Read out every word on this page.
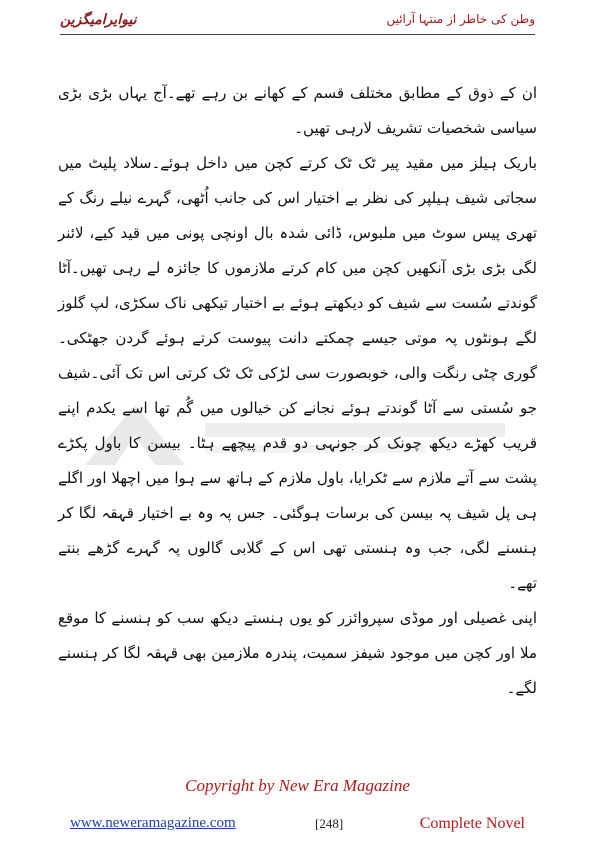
نیوایرامیگزین	وطن کی خاطر از منتہا آرائیں

ان کے ذوق کے مطابق مختلف قسم کے کھانے بن رہے تھے۔آج یہاں بڑی بڑی سیاسی شخصیات تشریف لارہی تھیں۔

باریک ہیلز میں مقید پیر ٹک ٹک کرتے کچن میں داخل ہوئے۔سلاد پلیٹ میں سجاتی شیف ہیلپر کی نظر بے اختیار اس کی جانب اُٹھی، گہرے نیلے رنگ کے تھری پیس سوٹ میں ملبوس، ڈائی شدہ بال اونچی پونی میں قید کیے، لائنر لگی بڑی بڑی آنکھیں کچن میں کام کرتے ملازموں کا جائزہ لے رہی تھیں۔آٹا گوندتے سُست سے شیف کو دیکھتے ہوئے بے اختیار تیکھی ناک سکڑی، لپ گلوز لگے ہونٹوں پہ موتی جیسے چمکتے دانت پیوست کرتے ہوئے گردن جھٹکی۔گوری چٹی رنگت والی، خوبصورت سی لڑکی ٹک ٹک کرتی اس تک آئی۔شیف جو سُستی سے آٹا گوندتے ہوئے نجانے کن خیالوں میں گُم تھا اسے یکدم اپنے قریب کھڑے دیکھ چونک کر جونہی دو قدم پیچھے ہٹا۔ بیسن کا باول پکڑے پشت سے آتے ملازم سے ٹکرایا، باول ملازم کے ہاتھ سے ہوا میں اچھلا اور اگلے ہی پل شیف پہ بیسن کی برسات ہوگئی۔ جس پہ وہ بے اختیار قہقہ لگا کر ہنسنے لگی، جب وہ ہنستی تھی اس کے گلابی گالوں پہ گہرے گڑھے بنتے تھے۔

اپنی غصیلی اور موڈی سپروائزر کو یوں ہنستے دیکھ سب کو ہنسنے کا موقع ملا اور کچن میں موجود شیفز سمیت، پندرہ ملازمین بھی قہقہ لگا کر ہنسنے لگے۔

Copyright by New Era Magazine
www.neweramagazine.com	[248]	Complete Novel
